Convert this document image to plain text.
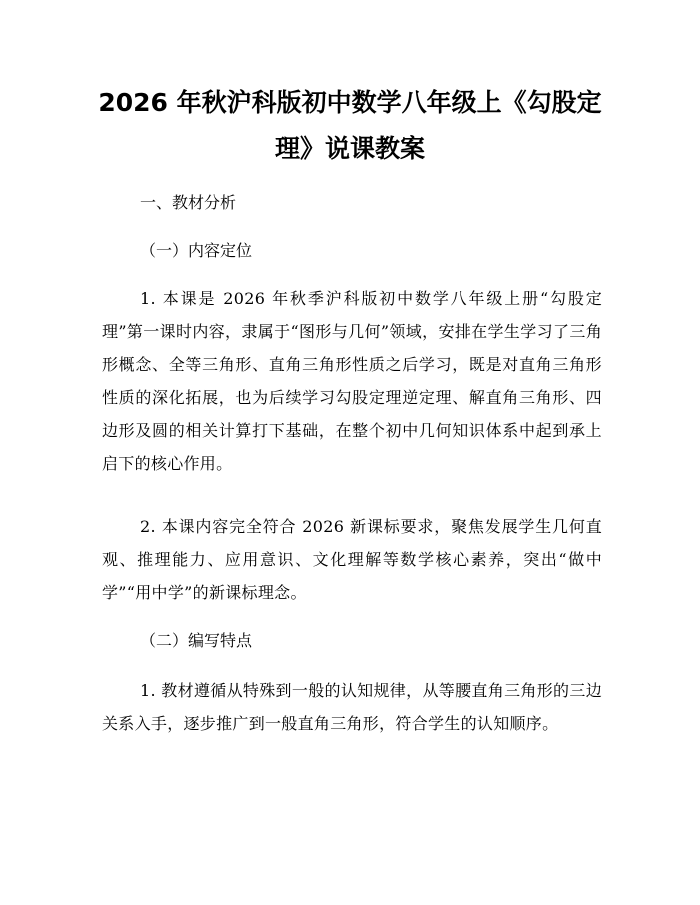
2026 年秋沪科版初中数学八年级上《勾股定
理》说课教案
一、教材分析
（一）内容定位
1. 本课是 2026 年秋季沪科版初中数学八年级上册“勾股定理”第一课时内容，隶属于“图形与几何”领域，安排在学生学习了三角形概念、全等三角形、直角三角形性质之后学习，既是对直角三角形性质的深化拓展，也为后续学习勾股定理逆定理、解直角三角形、四边形及圆的相关计算打下基础，在整个初中几何知识体系中起到承上启下的核心作用。
2. 本课内容完全符合 2026 新课标要求，聚焦发展学生几何直观、推理能力、应用意识、文化理解等数学核心素养，突出“做中学”“用中学”的新课标理念。
（二）编写特点
1. 教材遵循从特殊到一般的认知规律，从等腰直角三角形的三边关系入手，逐步推广到一般直角三角形，符合学生的认知顺序。
